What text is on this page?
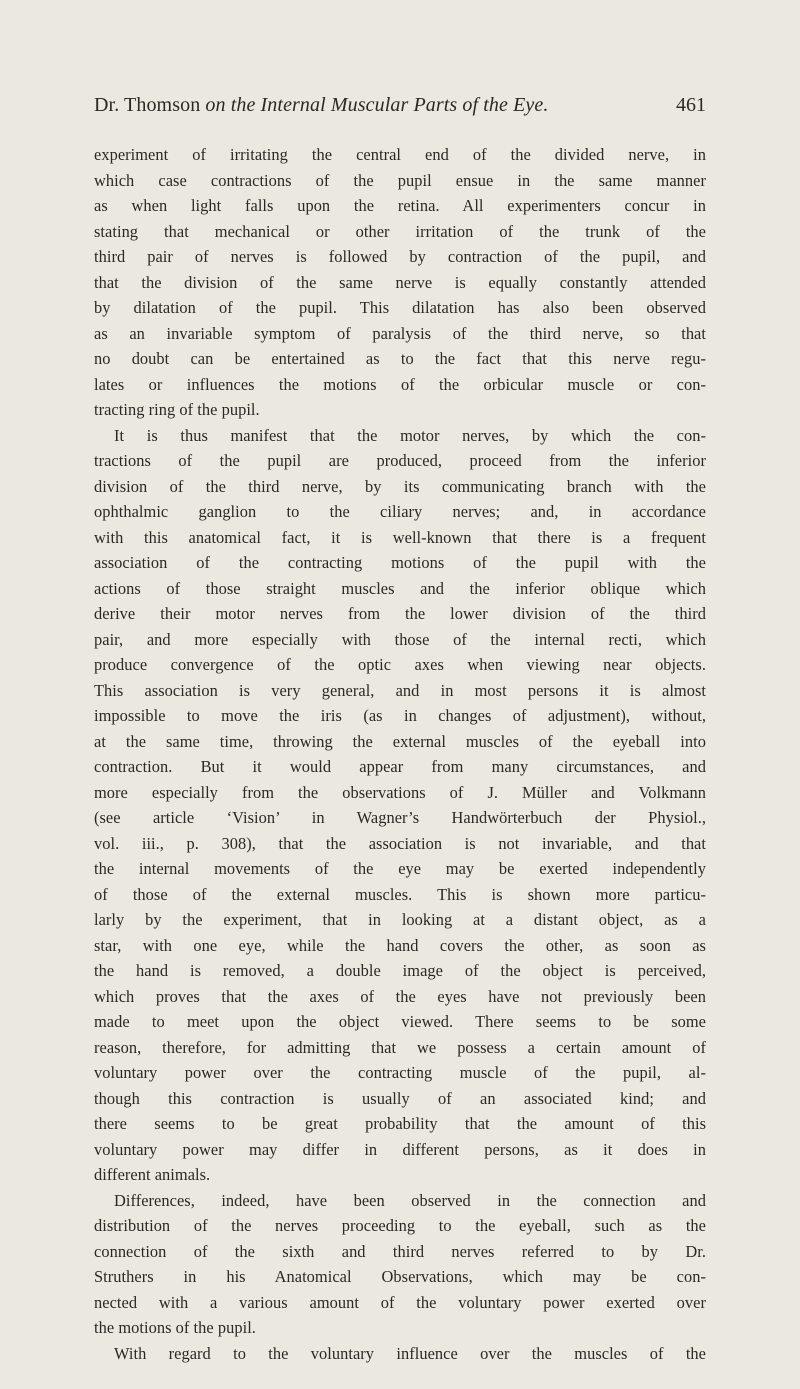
Dr. Thomson on the Internal Muscular Parts of the Eye.	461
experiment of irritating the central end of the divided nerve, in
which case contractions of the pupil ensue in the same manner
as when light falls upon the retina. All experimenters concur in
stating that mechanical or other irritation of the trunk of the
third pair of nerves is followed by contraction of the pupil, and
that the division of the same nerve is equally constantly attended
by dilatation of the pupil. This dilatation has also been observed
as an invariable symptom of paralysis of the third nerve, so that
no doubt can be entertained as to the fact that this nerve regu-
lates or influences the motions of the orbicular muscle or con-
tracting ring of the pupil.
It is thus manifest that the motor nerves, by which the con-
tractions of the pupil are produced, proceed from the inferior
division of the third nerve, by its communicating branch with the
ophthalmic ganglion to the ciliary nerves; and, in accordance
with this anatomical fact, it is well-known that there is a frequent
association of the contracting motions of the pupil with the
actions of those straight muscles and the inferior oblique which
derive their motor nerves from the lower division of the third
pair, and more especially with those of the internal recti, which
produce convergence of the optic axes when viewing near objects.
This association is very general, and in most persons it is almost
impossible to move the iris (as in changes of adjustment), without,
at the same time, throwing the external muscles of the eyeball into
contraction. But it would appear from many circumstances, and
more especially from the observations of J. Müller and Volkmann
(see article ‘Vision’ in Wagner’s Handwörterbuch der Physiol.,
vol. iii., p. 308), that the association is not invariable, and that
the internal movements of the eye may be exerted independently
of those of the external muscles. This is shown more particu-
larly by the experiment, that in looking at a distant object, as a
star, with one eye, while the hand covers the other, as soon as
the hand is removed, a double image of the object is perceived,
which proves that the axes of the eyes have not previously been
made to meet upon the object viewed. There seems to be some
reason, therefore, for admitting that we possess a certain amount of
voluntary power over the contracting muscle of the pupil, al-
though this contraction is usually of an associated kind; and
there seems to be great probability that the amount of this
voluntary power may differ in different persons, as it does in
different animals.
Differences, indeed, have been observed in the connection and
distribution of the nerves proceeding to the eyeball, such as the
connection of the sixth and third nerves referred to by Dr.
Struthers in his Anatomical Observations, which may be con-
nected with a various amount of the voluntary power exerted over
the motions of the pupil.
With regard to the voluntary influence over the muscles of the
